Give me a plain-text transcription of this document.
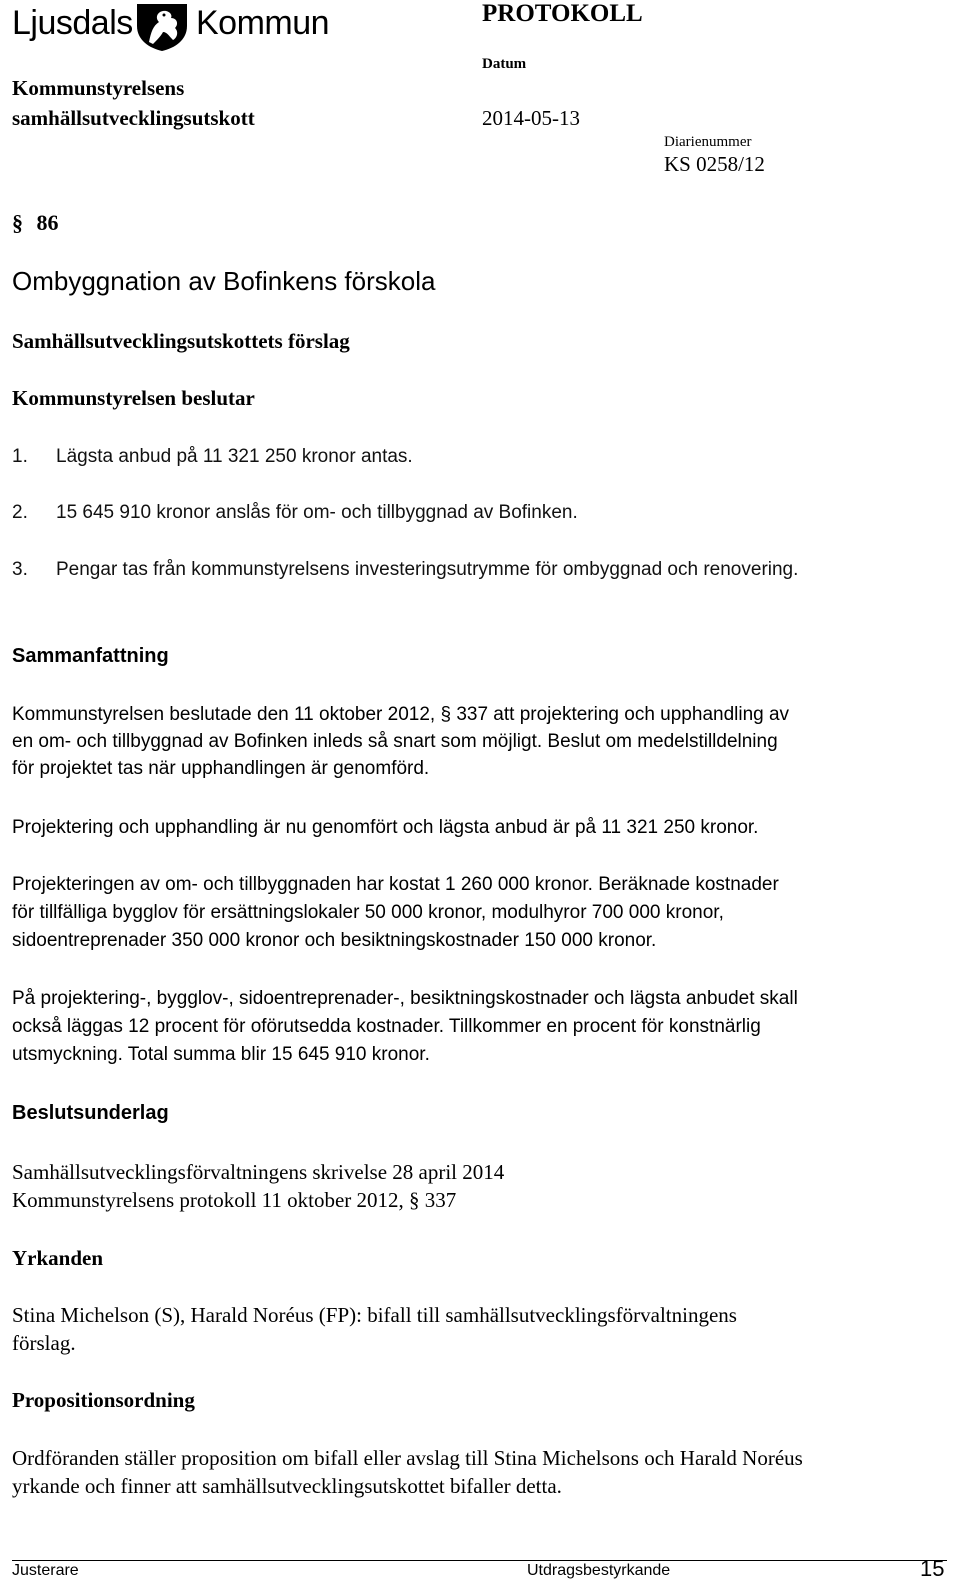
Ljusdals Kommun	PROTOKOLL
Kommunstyrelsens
samhällsutvecklingsutskott
Datum
2014-05-13
Diarienummer
KS 0258/12
§ 86
Ombyggnation av Bofinkens förskola
Samhällsutvecklingsutskottets förslag
Kommunstyrelsen beslutar
1. Lägsta anbud på 11 321 250 kronor antas.
2. 15 645 910 kronor anslås för om- och tillbyggnad av Bofinken.
3. Pengar tas från kommunstyrelsens investeringsutrymme för ombyggnad och renovering.
Sammanfattning
Kommunstyrelsen beslutade den 11 oktober 2012, § 337 att projektering och upphandling av
en om- och tillbyggnad av Bofinken inleds så snart som möjligt. Beslut om medelstilldelning
för projektet tas när upphandlingen är genomförd.
Projektering och upphandling är nu genomfört och lägsta anbud är på 11 321 250 kronor.
Projekteringen av om- och tillbyggnaden har kostat 1 260 000 kronor. Beräknade kostnader
för tillfälliga bygglov för ersättningslokaler 50 000 kronor, modulhyror 700 000 kronor,
sidoentreprenader 350 000 kronor och besiktningskostnader 150 000 kronor.
På projektering-, bygglov-, sidoentreprenader-, besiktningskostnader och lägsta anbudet skall
också läggas 12 procent för oförutsedda kostnader. Tillkommer en procent för konstnärlig
utsmyckning. Total summa blir 15 645 910 kronor.
Beslutsunderlag
Samhällsutvecklingsförvaltningens skrivelse 28 april 2014
Kommunstyrelsens protokoll 11 oktober 2012, § 337
Yrkanden
Stina Michelson (S), Harald Noréus (FP): bifall till samhällsutvecklingsförvaltningens
förslag.
Propositionsordning
Ordföranden ställer proposition om bifall eller avslag till Stina Michelsons och Harald Noréus
yrkande och finner att samhällsutvecklingsutskottet bifaller detta.
Justerare	Utdragsbestyrkande	15
